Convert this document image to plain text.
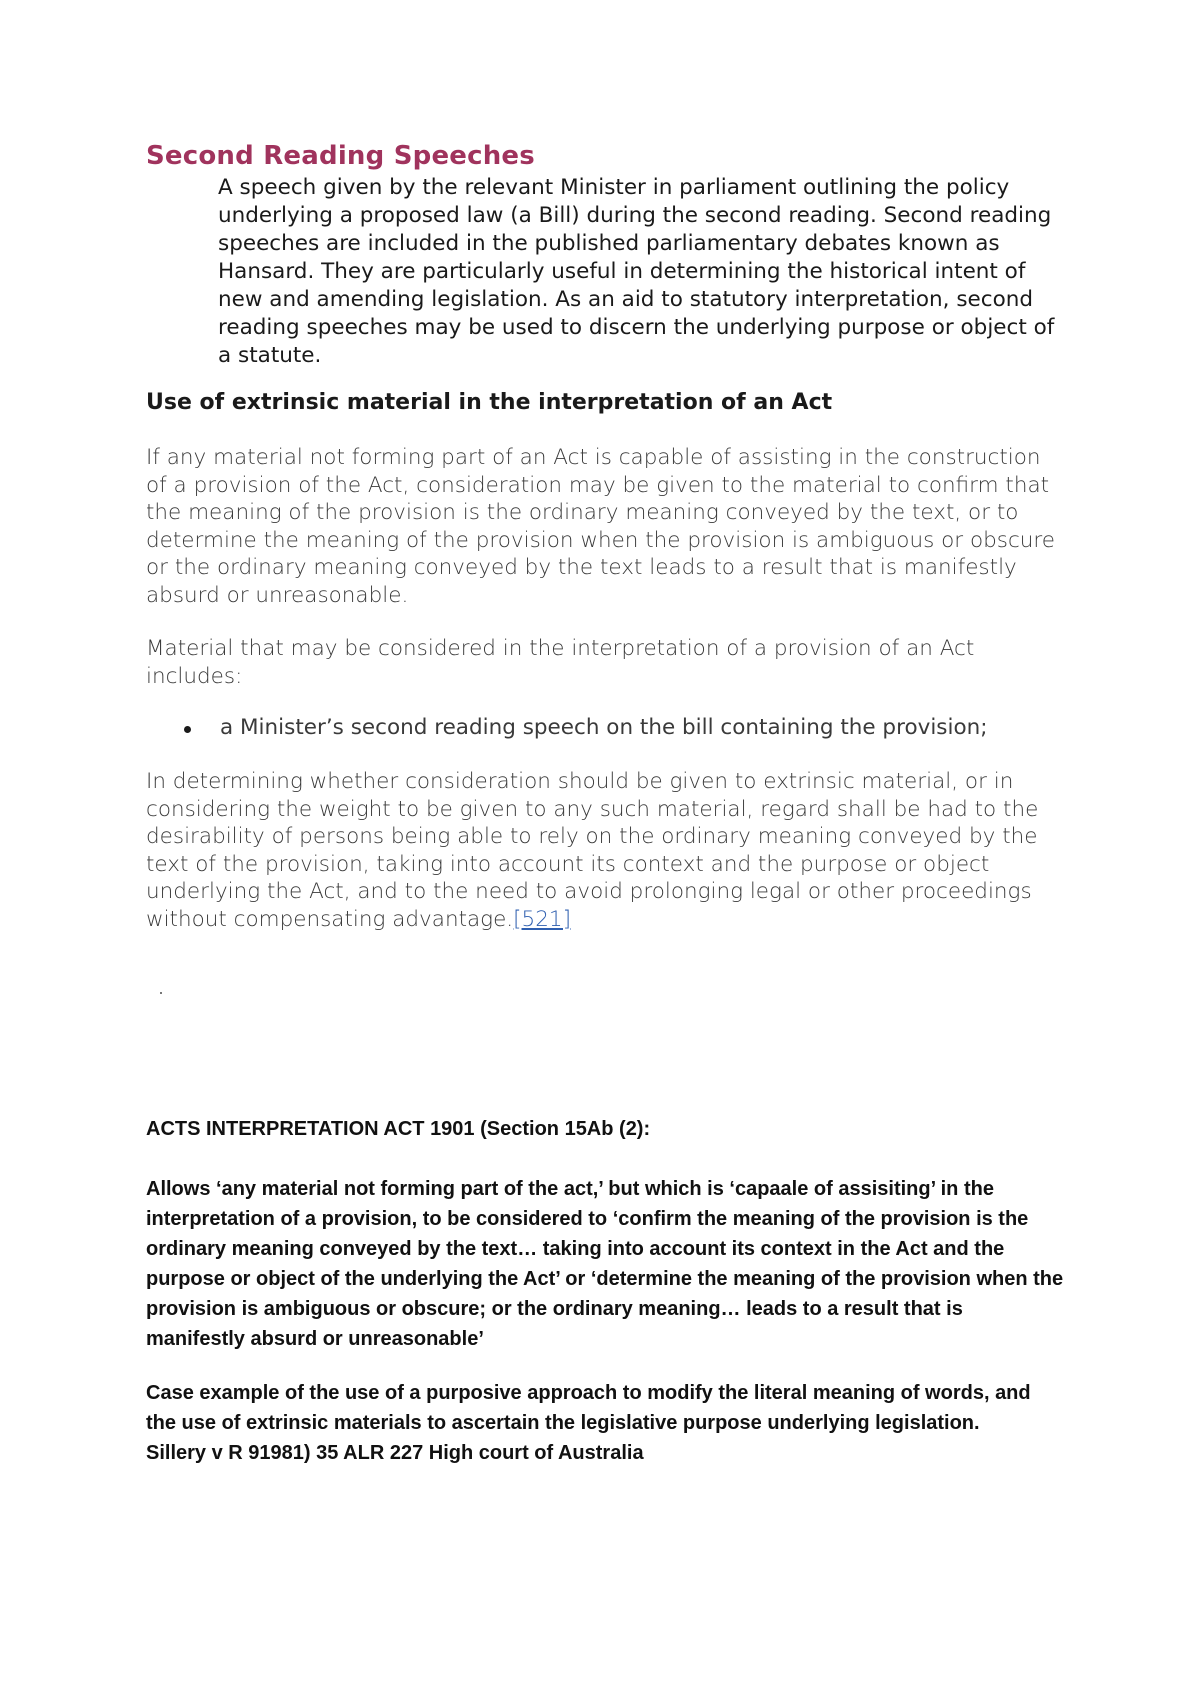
Second Reading Speeches

A speech given by the relevant Minister in parliament outlining the policy underlying a proposed law (a Bill) during the second reading. Second reading speeches are included in the published parliamentary debates known as Hansard. They are particularly useful in determining the historical intent of new and amending legislation. As an aid to statutory interpretation, second reading speeches may be used to discern the underlying purpose or object of a statute.

Use of extrinsic material in the interpretation of an Act

If any material not forming part of an Act is capable of assisting in the construction of a provision of the Act, consideration may be given to the material to confirm that the meaning of the provision is the ordinary meaning conveyed by the text, or to determine the meaning of the provision when the provision is ambiguous or obscure or the ordinary meaning conveyed by the text leads to a result that is manifestly absurd or unreasonable.

Material that may be considered in the interpretation of a provision of an Act includes:

a Minister’s second reading speech on the bill containing the provision;

In determining whether consideration should be given to extrinsic material, or in considering the weight to be given to any such material, regard shall be had to the desirability of persons being able to rely on the ordinary meaning conveyed by the text of the provision, taking into account its context and the purpose or object underlying the Act, and to the need to avoid prolonging legal or other proceedings without compensating advantage.[521]

ACTS INTERPRETATION ACT 1901 (Section 15Ab (2):

Allows ‘any material not forming part of the act,’ but which is ‘capaale of assisiting’ in the interpretation of a provision, to be considered to ‘confirm the meaning of the provision is the ordinary meaning conveyed by the text… taking into account its context in the Act and the purpose or object of the underlying the Act’ or ‘determine the meaning of the provision when the provision is ambiguous or obscure; or the ordinary meaning… leads to a result that is manifestly absurd or unreasonable’

Case example of the use of a purposive approach to modify the literal meaning of words, and the use of extrinsic materials to ascertain the legislative purpose underlying legislation.
Sillery v R 91981) 35 ALR 227 High court of Australia
